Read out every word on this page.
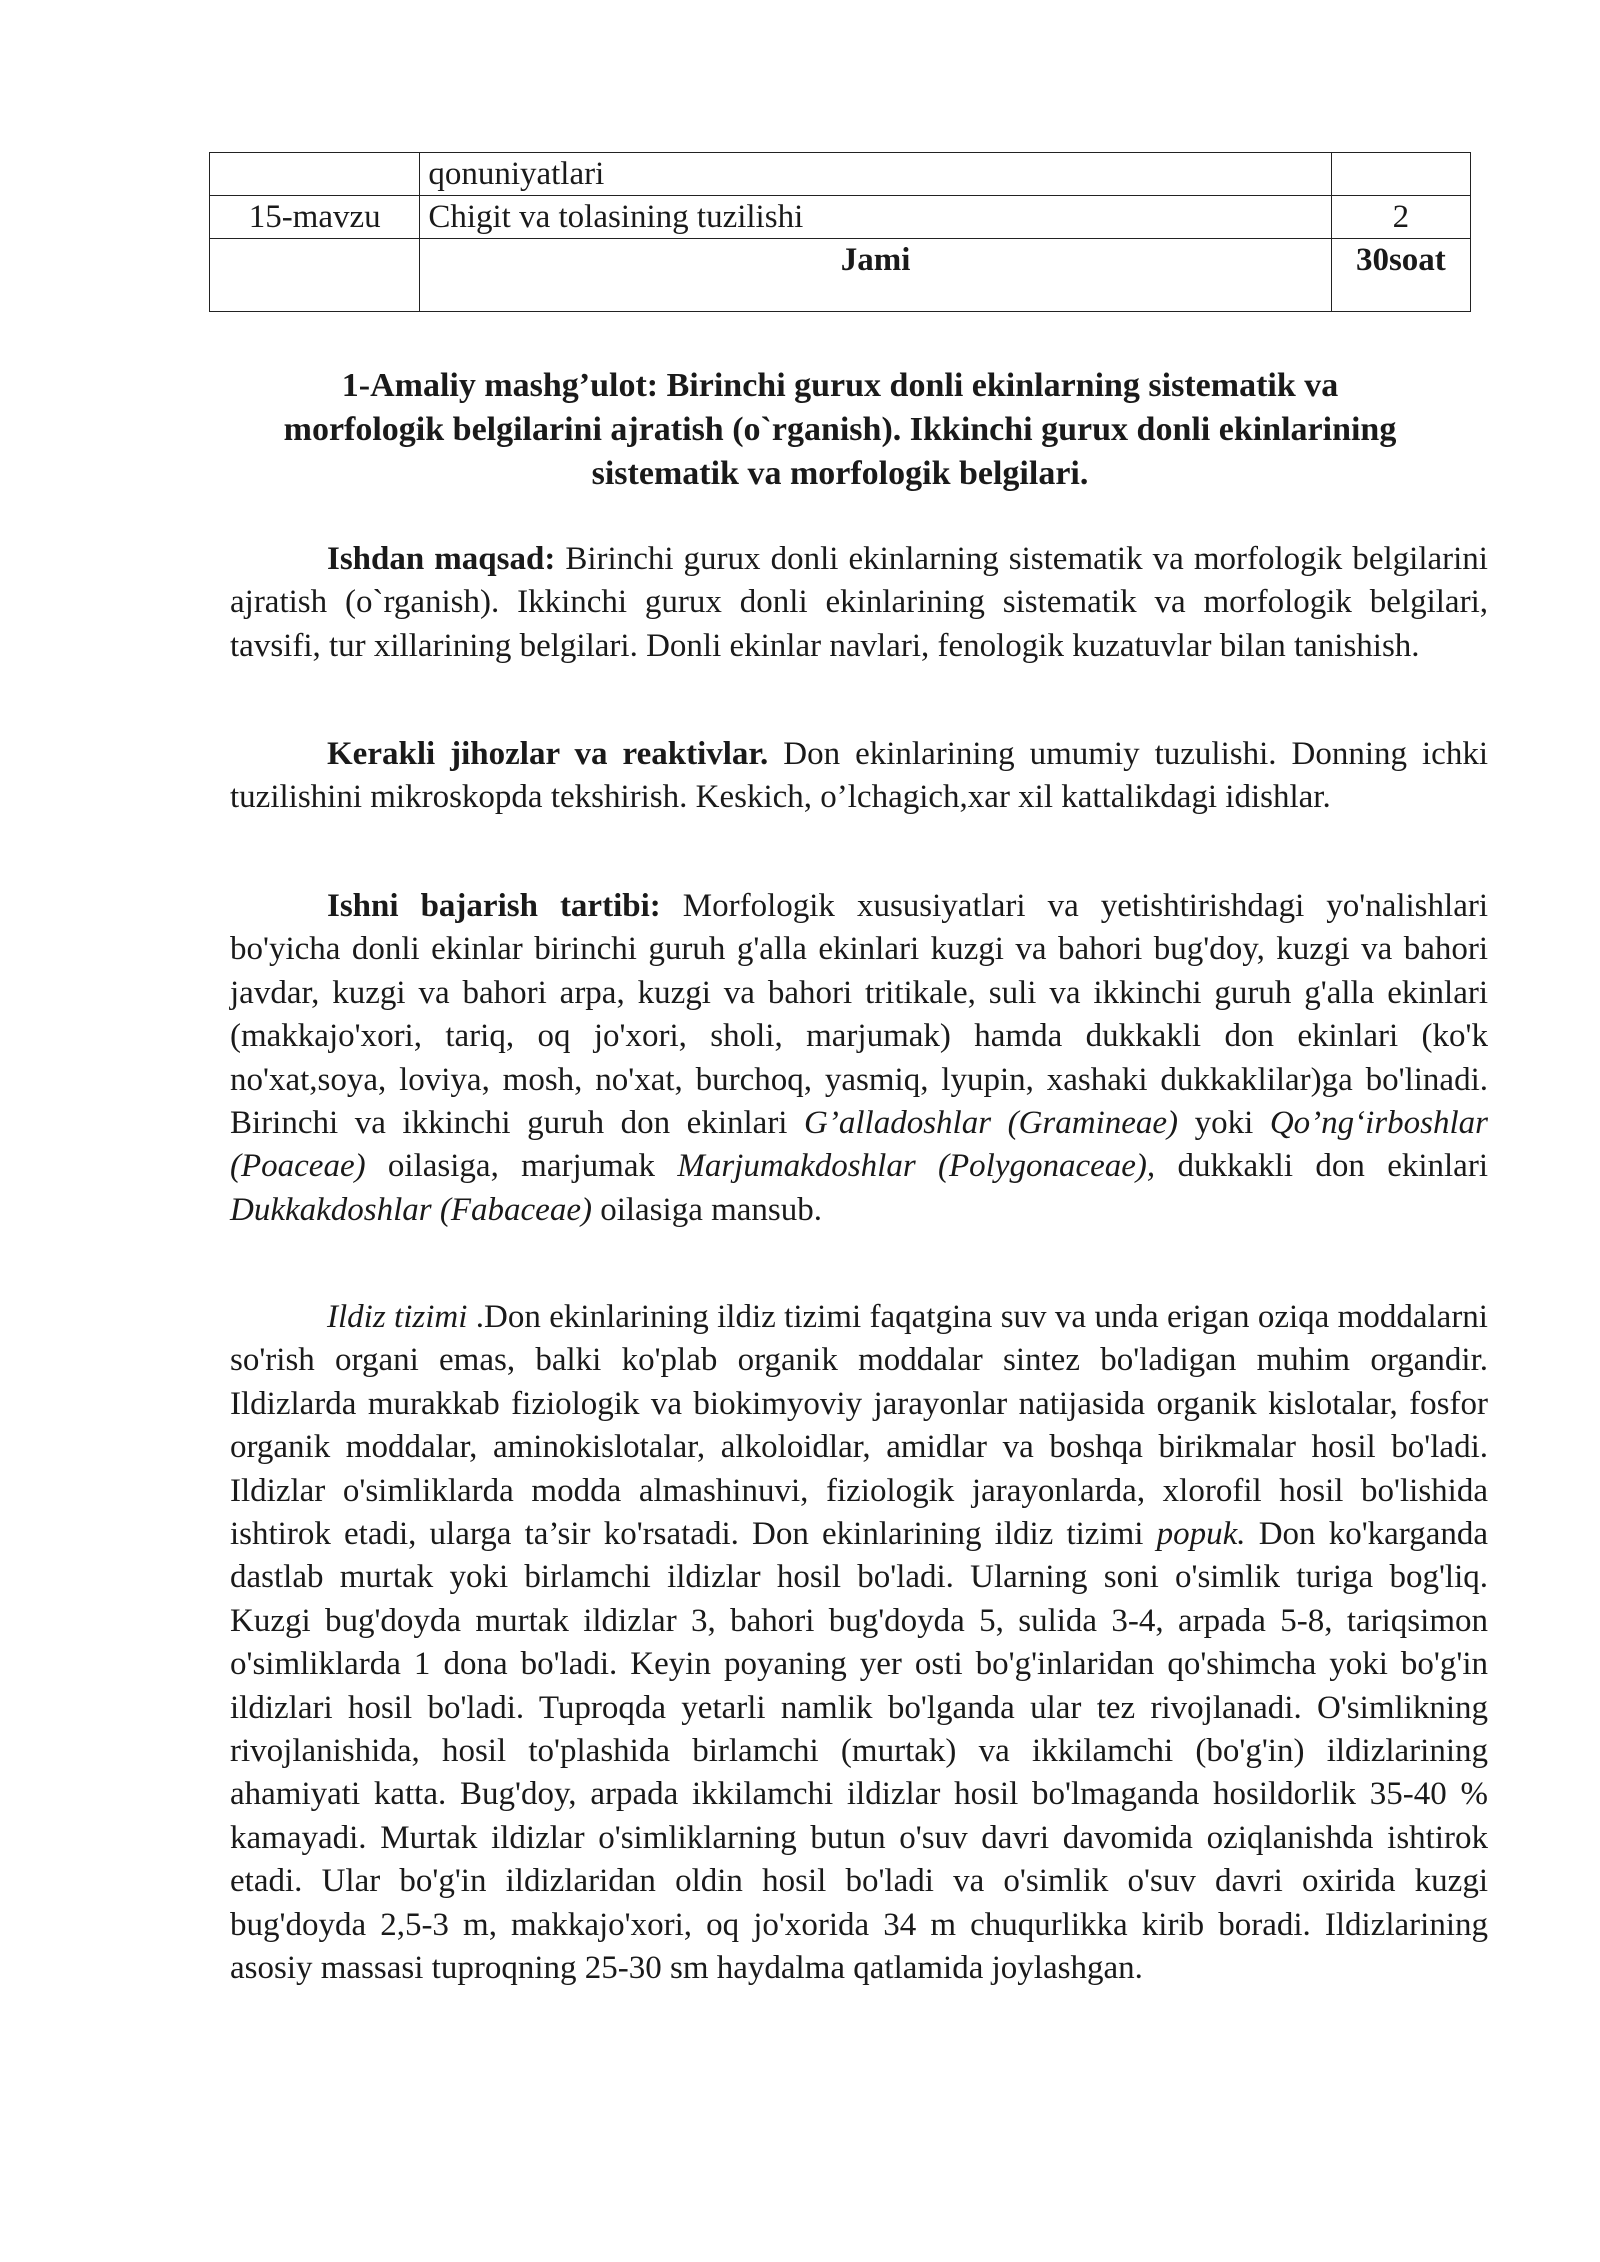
	qonuniyatlari	
15-mavzu	Chigit va tolasining tuzilishi	2
	Jami	30soat
1-Amaliy mashg’ulot: Birinchi gurux donli ekinlarning sistematik va
morfologik belgilarini ajratish (o`rganish). Ikkinchi gurux donli ekinlarining
sistematik va morfologik belgilari.

Ishdan maqsad: Birinchi gurux donli ekinlarning sistematik va morfologik belgilarini ajratish (o`rganish). Ikkinchi gurux donli ekinlarining sistematik va morfologik belgilari, tavsifi, tur xillarining belgilari. Donli ekinlar navlari, fenologik kuzatuvlar bilan tanishish.

Kerakli jihozlar va reaktivlar. Don ekinlarining umumiy tuzulishi. Donning ichki tuzilishini mikroskopda tekshirish. Keskich, o’lchagich,xar xil kattalikdagi idishlar.

Ishni bajarish tartibi: Morfologik xususiyatlari va yetishtirishdagi yo'nalishlari bo'yicha donli ekinlar birinchi guruh g'alla ekinlari kuzgi va bahori bug'doy, kuzgi va bahori javdar, kuzgi va bahori arpa, kuzgi va bahori tritikale, suli va ikkinchi guruh g'alla ekinlari (makkajo'xori, tariq, oq jo'xori, sholi, marjumak) hamda dukkakli don ekinlari (ko'k no'xat,soya, loviya, mosh, no'xat, burchoq, yasmiq, lyupin, xashaki dukkaklilar)ga bo'linadi. Birinchi va ikkinchi guruh don ekinlari G’alladoshlar (Gramineae) yoki Qo’ng‘irboshlar (Poaceae) oilasiga, marjumak Marjumakdoshlar (Polygonaceae), dukkakli don ekinlari Dukkakdoshlar (Fabaceae) oilasiga mansub.

Ildiz tizimi .Don ekinlarining ildiz tizimi faqatgina suv va unda erigan oziqa moddalarni so'rish organi emas, balki ko'plab organik moddalar sintez bo'ladigan muhim organdir. Ildizlarda murakkab fiziologik va biokimyoviy jarayonlar natijasida organik kislotalar, fosfor organik moddalar, aminokislotalar, alkoloidlar, amidlar va boshqa birikmalar hosil bo'ladi. Ildizlar o'simliklarda modda almashinuvi, fiziologik jarayonlarda, xlorofil hosil bo'lishida ishtirok etadi, ularga ta’sir ko'rsatadi. Don ekinlarining ildiz tizimi popuk. Don ko'karganda dastlab murtak yoki birlamchi ildizlar hosil bo'ladi. Ularning soni o'simlik turiga bog'liq. Kuzgi bug'doyda murtak ildizlar 3, bahori bug'doyda 5, sulida 3-4, arpada 5-8, tariqsimon o'simliklarda 1 dona bo'ladi. Keyin poyaning yer osti bo'g'inlaridan qo'shimcha yoki bo'g'in ildizlari hosil bo'ladi. Tuproqda yetarli namlik bo'lganda ular tez rivojlanadi. O'simlikning rivojlanishida, hosil to'plashida birlamchi (murtak) va ikkilamchi (bo'g'in) ildizlarining ahamiyati katta. Bug'doy, arpada ikkilamchi ildizlar hosil bo'lmaganda hosildorlik 35-40 % kamayadi. Murtak ildizlar o'simliklarning butun o'suv davri davomida oziqlanishda ishtirok etadi. Ular bo'g'in ildizlaridan oldin hosil bo'ladi va o'simlik o'suv davri oxirida kuzgi bug'doyda 2,5-3 m, makkajo'xori, oq jo'xorida 34 m chuqurlikka kirib boradi. Ildizlarining asosiy massasi tuproqning 25-30 sm haydalma qatlamida joylashgan.
